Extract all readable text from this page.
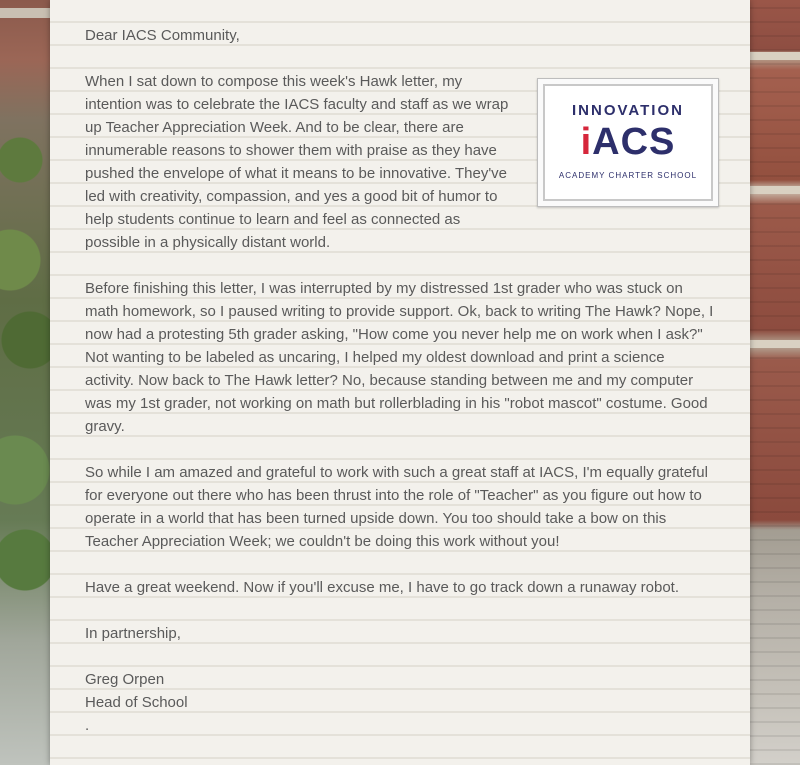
Dear IACS Community,

INNOVATION
iACS
ACADEMY CHARTER SCHOOL

When I sat down to compose this week's Hawk letter, my intention was to celebrate the IACS faculty and staff as we wrap up Teacher Appreciation Week. And to be clear, there are innumerable reasons to shower them with praise as they have pushed the envelope of what it means to be innovative. They've led with creativity, compassion, and yes a good bit of humor to help students continue to learn and feel as connected as possible in a physically distant world.

Before finishing this letter, I was interrupted by my distressed 1st grader who was stuck on math homework, so I paused writing to provide support. Ok, back to writing The Hawk? Nope, I now had a protesting 5th grader asking, "How come you never help me on work when I ask?" Not wanting to be labeled as uncaring, I helped my oldest download and print a science activity. Now back to The Hawk letter? No, because standing between me and my computer was my 1st grader, not working on math but rollerblading in his "robot mascot" costume. Good gravy.

So while I am amazed and grateful to work with such a great staff at IACS, I'm equally grateful for everyone out there who has been thrust into the role of "Teacher" as you figure out how to operate in a world that has been turned upside down. You too should take a bow on this Teacher Appreciation Week; we couldn't be doing this work without you!

Have a great weekend. Now if you'll excuse me, I have to go track down a runaway robot.

In partnership,

Greg Orpen

Head of School

.
